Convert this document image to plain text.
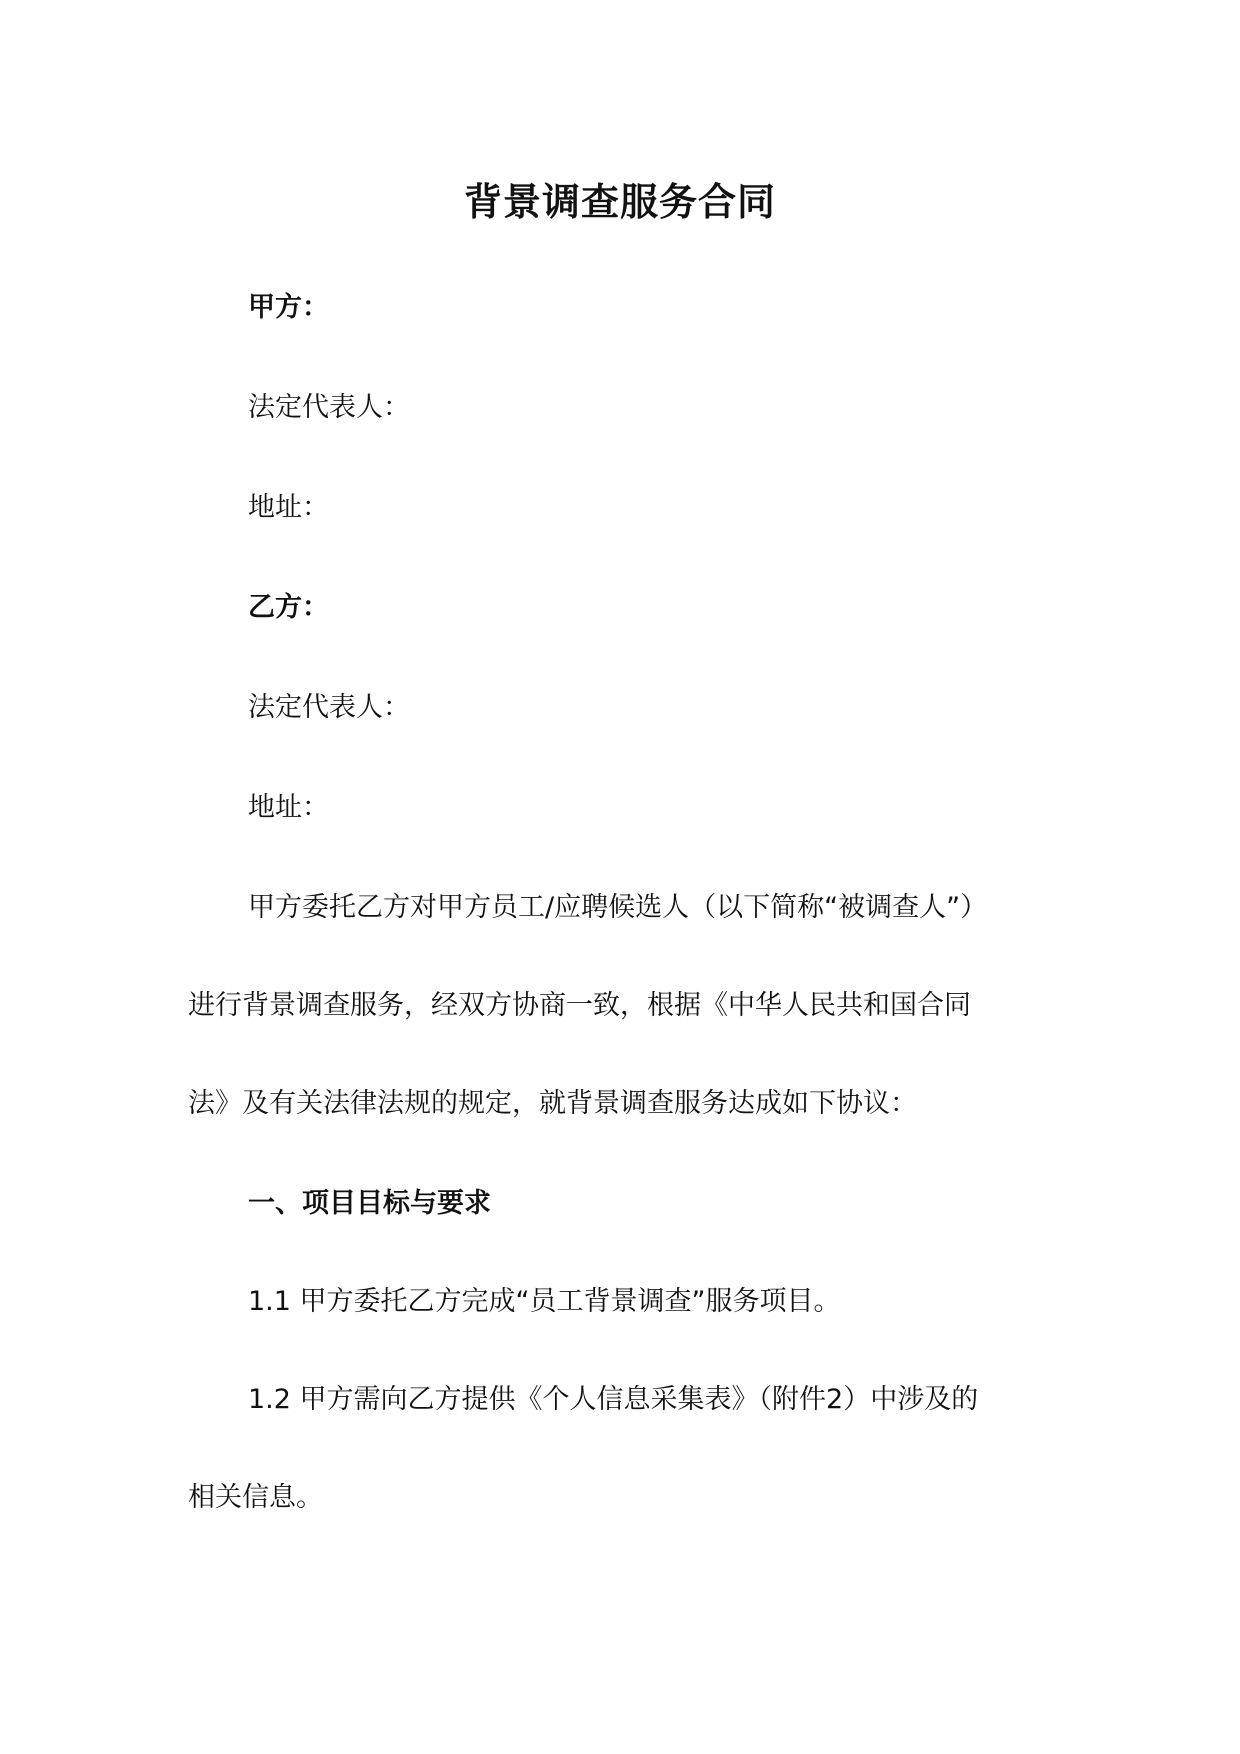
背景调查服务合同
甲方：
法定代表人：
地址：
乙方：
法定代表人：
地址：
甲方委托乙方对甲方员工/应聘候选人（以下简称“被调查人”）
进行背景调查服务，经双方协商一致，根据《中华人民共和国合同
法》及有关法律法规的规定，就背景调查服务达成如下协议：
一、项目目标与要求
1.1 甲方委托乙方完成“员工背景调查”服务项目。
1.2 甲方需向乙方提供《个人信息采集表》（附件2）中涉及的
相关信息。
